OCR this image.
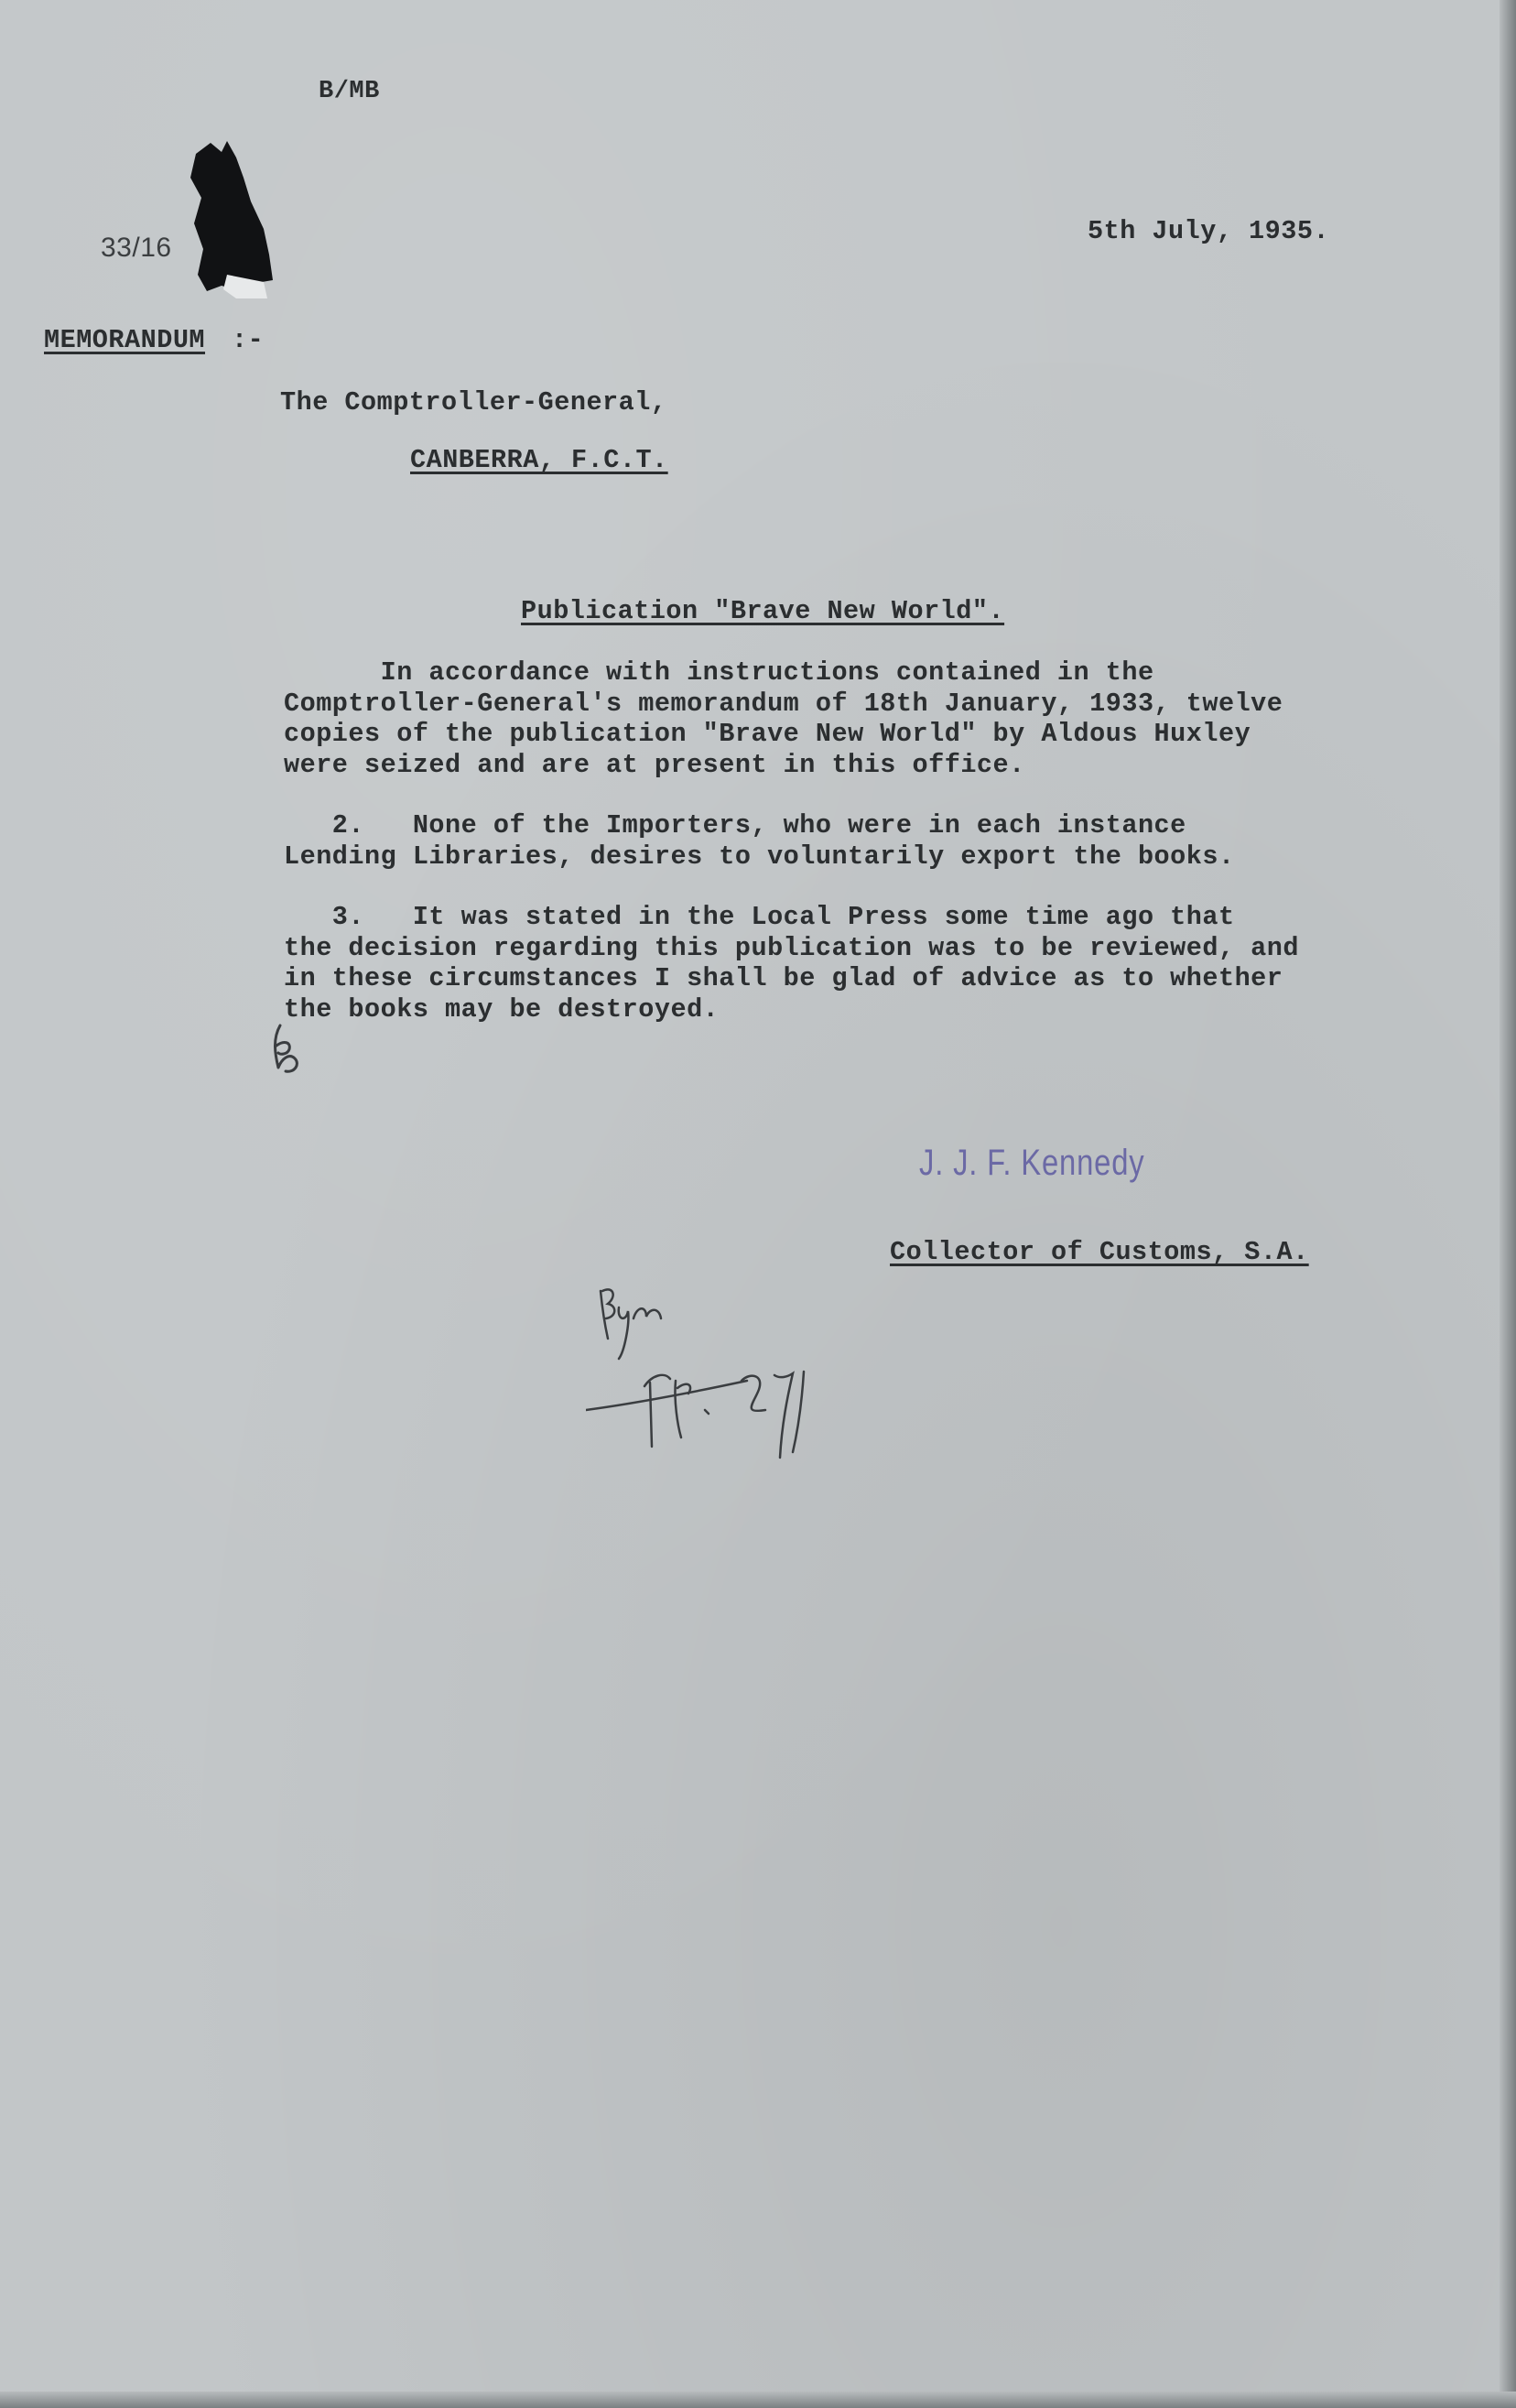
B/MB
33/16
5th July, 1935.
MEMORANDUM :-
The Comptroller-General,
CANBERRA, F.C.T.
Publication "Brave New World".
In accordance with instructions contained in the
Comptroller-General's memorandum of 18th January, 1933, twelve
copies of the publication "Brave New World" by Aldous Huxley
were seized and are at present in this office.
2.   None of the Importers, who were in each instance
Lending Libraries, desires to voluntarily export the books.
3.   It was stated in the Local Press some time ago that
the decision regarding this publication was to be reviewed, and
in these circumstances I shall be glad of advice as to whether
the books may be destroyed.
J. J. F. Kennedy
Collector of Customs, S.A.
